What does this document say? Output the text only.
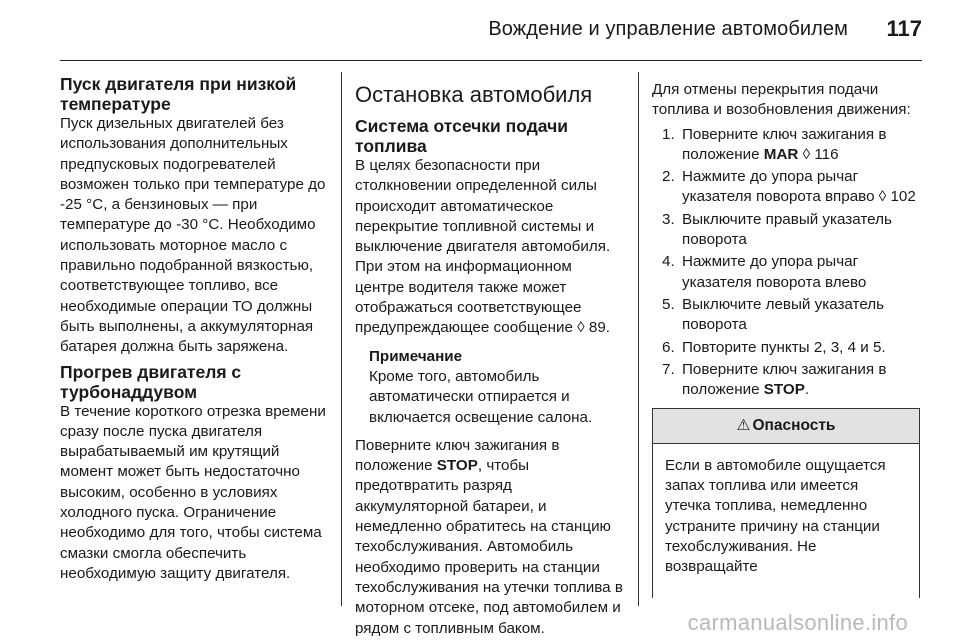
Вождение и управление автомобилем 117
Пуск двигателя при низкой температуре

Пуск дизельных двигателей без использования дополнительных предпусковых подогревателей возможен только при температуре до -25 °С, а бензиновых — при температуре до -30 °С. Необходимо использовать моторное масло с правильно подобранной вязкостью, соответствующее топливо, все необходимые операции ТО должны быть выполнены, а аккумуляторная батарея должна быть заряжена.

Прогрев двигателя с турбонаддувом

В течение короткого отрезка времени сразу после пуска двигателя вырабатываемый им крутящий момент может быть недостаточно высоким, особенно в условиях холодного пуска. Ограничение необходимо для того, чтобы система смазки смогла обеспечить необходимую защиту двигателя.

Остановка автомобиля
Система отсечки подачи топлива

В целях безопасности при столкновении определенной силы происходит автоматическое перекрытие топливной системы и выключение двигателя автомобиля. При этом на информационном центре водителя также может отображаться соответствующее предупреждающее сообщение ◊ 89.

Примечание
Кроме того, автомобиль автоматически отпирается и включается освещение салона.

Поверните ключ зажигания в положение STOP, чтобы предотвратить разряд аккумуляторной батареи, и немедленно обратитесь на станцию техобслуживания. Автомобиль необходимо проверить на станции техобслуживания на утечки топлива в моторном отсеке, под автомобилем и рядом с топливным баком.

Для отмены перекрытия подачи топлива и возобновления движения:

1. Поверните ключ зажигания в положение MAR ◊ 116
2. Нажмите до упора рычаг указателя поворота вправо ◊ 102
3. Выключите правый указатель поворота
4. Нажмите до упора рычаг указателя поворота влево
5. Выключите левый указатель поворота
6. Повторите пункты 2, 3, 4 и 5.
7. Поверните ключ зажигания в положение STOP.
⚠ Опасность
Если в автомобиле ощущается запах топлива или имеется утечка топлива, немедленно устраните причину на станции техобслуживания. Не возвращайте
carmanualsonline.info
